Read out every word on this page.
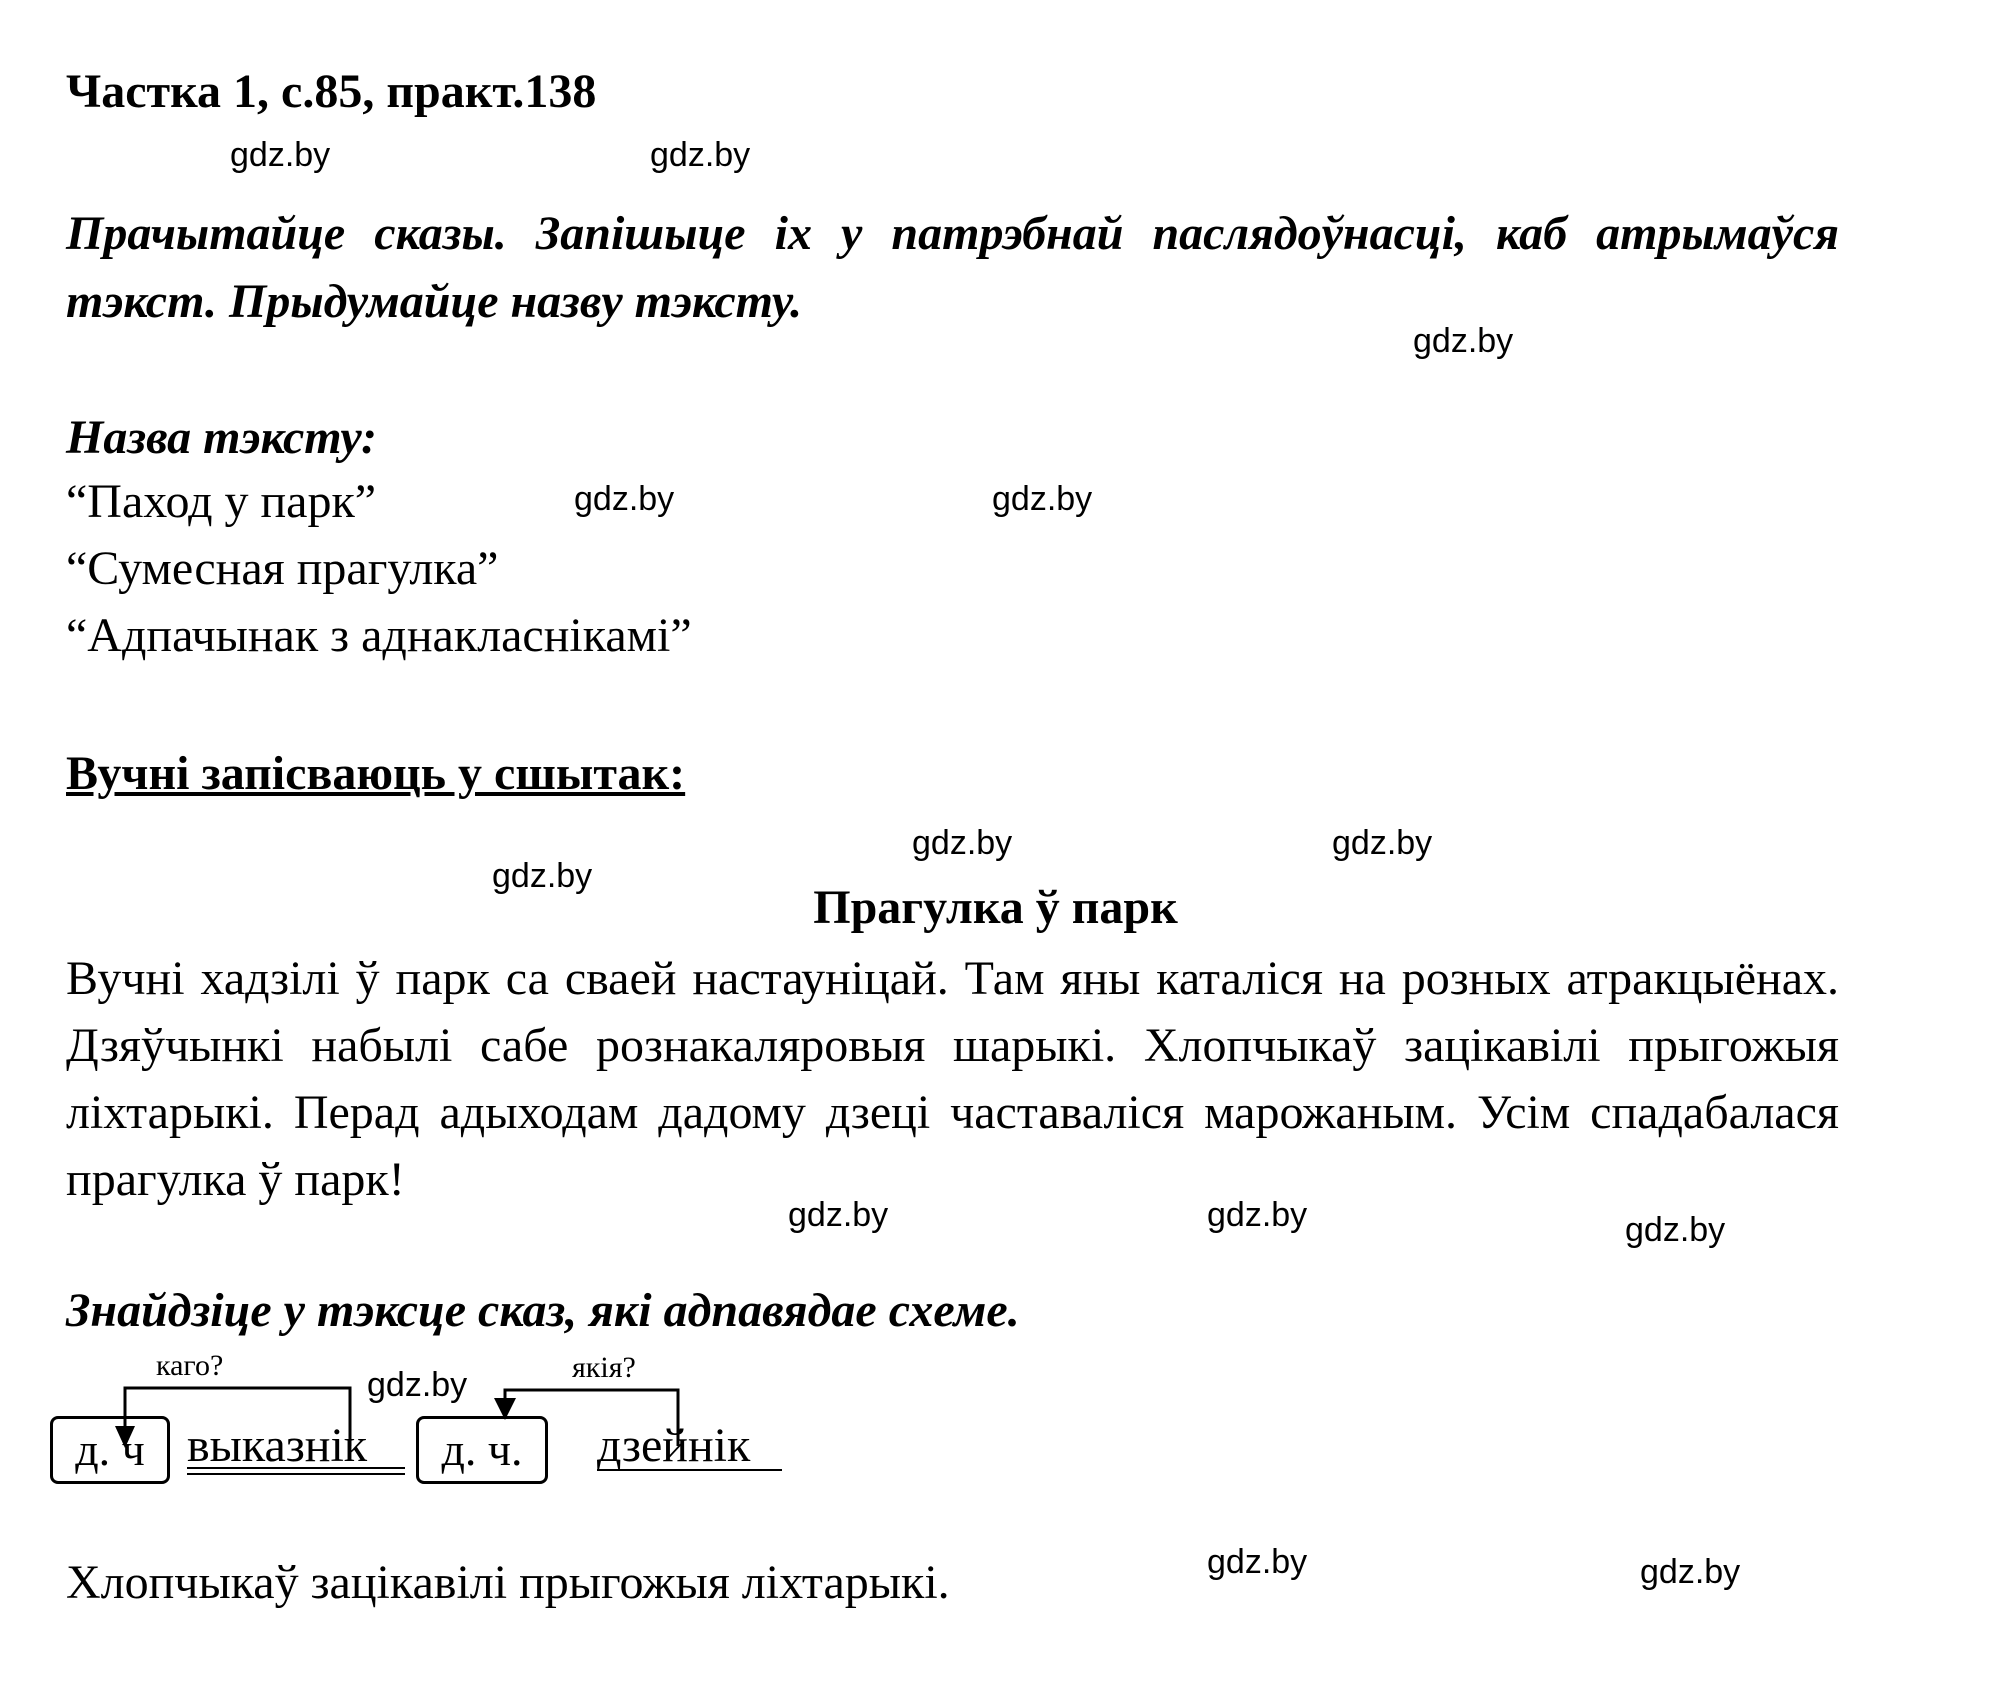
Частка 1, с.85, практ.138
gdz.by	gdz.by
gdz.by
gdz.by	gdz.by
gdz.by	gdz.by
gdz.by
gdz.by	gdz.by	gdz.by
gdz.by
gdz.by	gdz.by
Прачытайце сказы. Запішыце іх у патрэбнай паслядоўнасці, каб атрымаўся тэкст. Прыдумайце назву тэксту.
Назва тэксту:
“Паход у парк”
“Сумесная прагулка”
“Адпачынак з аднакласнікамі”
Вучні запісваюць у сшытак:
Прагулка ў парк
Вучні хадзілі ў парк са сваей настауніцай. Там яны каталіся на розных атракцыёнах. Дзяўчынкі набылі сабе рознакаляровыя шарыкі. Хлопчыкаў зацікавілі прыгожыя ліхтарыкі. Перад адыходам дадому дзеці частаваліся марожаным. Усім спадабалася прагулка ў парк!
Знайдзіце у тэксце сказ, які адпавядае схеме.
каго?	якія?
д. ч выказнік	д. ч.	дзейнік
Хлопчыкаў зацікавілі прыгожыя ліхтарыкі.
